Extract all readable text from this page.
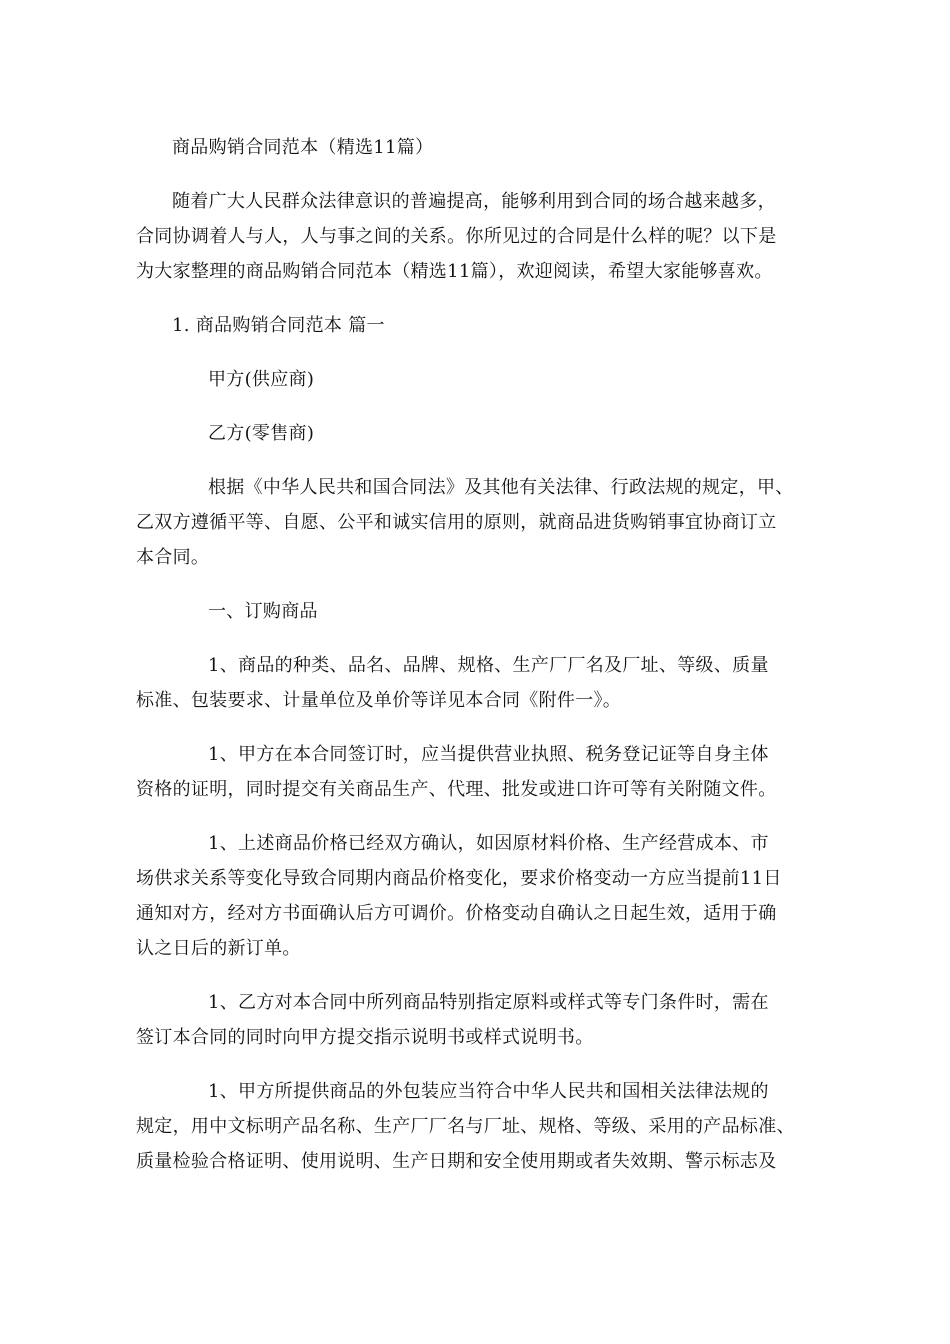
商品购销合同范本（精选11篇）
随着广大人民群众法律意识的普遍提高，能够利用到合同的场合越来越多，
合同协调着人与人，人与事之间的关系。你所见过的合同是什么样的呢？以下是
为大家整理的商品购销合同范本（精选11篇），欢迎阅读，希望大家能够喜欢。
1. 商品购销合同范本 篇一
甲方(供应商)
乙方(零售商)
根据《中华人民共和国合同法》及其他有关法律、行政法规的规定，甲、
乙双方遵循平等、自愿、公平和诚实信用的原则，就商品进货购销事宜协商订立
本合同。
一、订购商品
1、商品的种类、品名、品牌、规格、生产厂厂名及厂址、等级、质量
标准、包装要求、计量单位及单价等详见本合同《附件一》。
1、甲方在本合同签订时，应当提供营业执照、税务登记证等自身主体
资格的证明，同时提交有关商品生产、代理、批发或进口许可等有关附随文件。
1、上述商品价格已经双方确认，如因原材料价格、生产经营成本、市
场供求关系等变化导致合同期内商品价格变化，要求价格变动一方应当提前11日
通知对方，经对方书面确认后方可调价。价格变动自确认之日起生效，适用于确
认之日后的新订单。
1、乙方对本合同中所列商品特别指定原料或样式等专门条件时，需在
签订本合同的同时向甲方提交指示说明书或样式说明书。
1、甲方所提供商品的外包装应当符合中华人民共和国相关法律法规的
规定，用中文标明产品名称、生产厂厂名与厂址、规格、等级、采用的产品标准、
质量检验合格证明、使用说明、生产日期和安全使用期或者失效期、警示标志及
